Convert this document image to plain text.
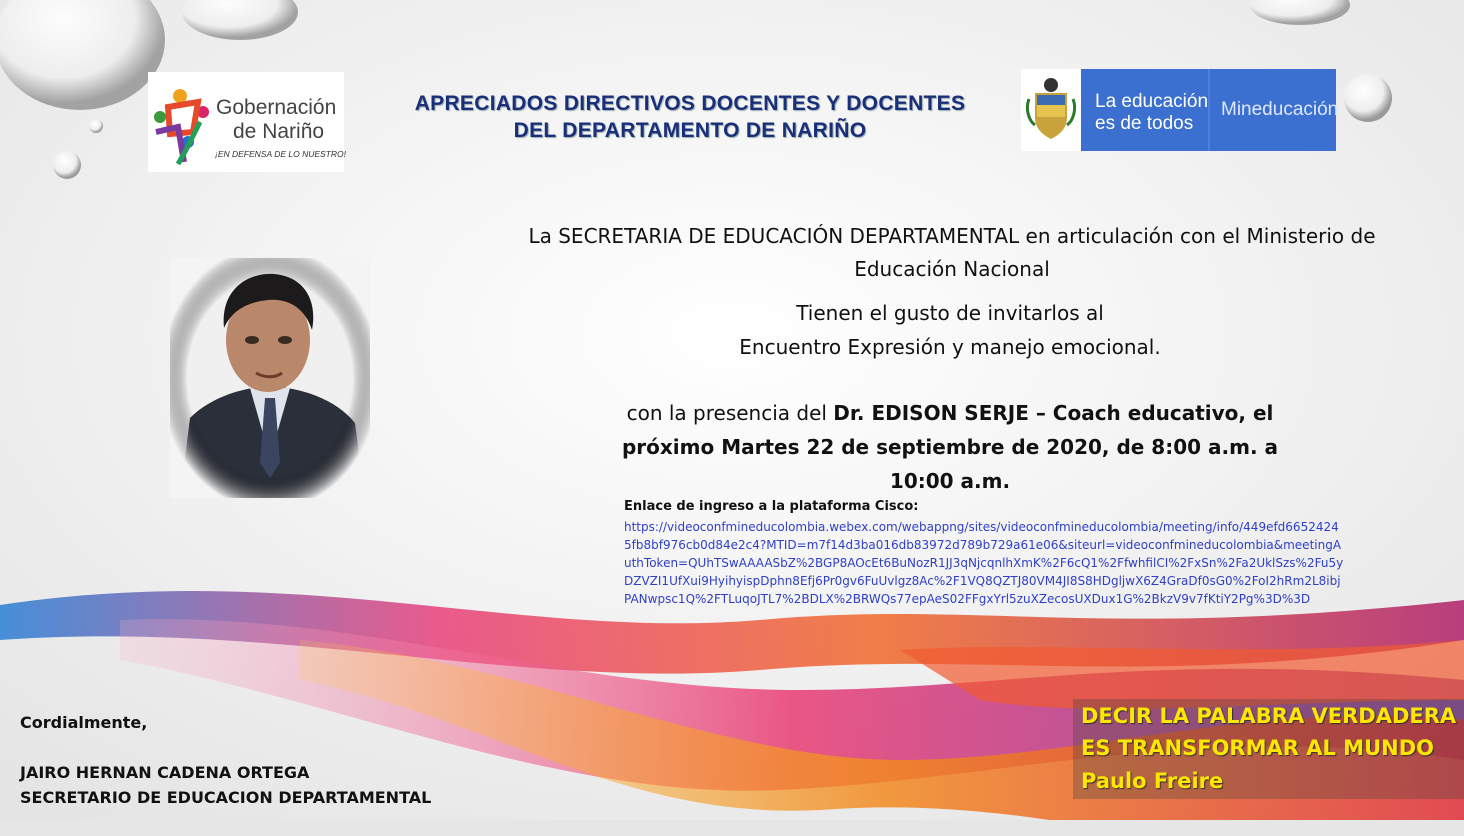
APRECIADOS DIRECTIVOS DOCENTES Y DOCENTES
DEL DEPARTAMENTO DE NARIÑO
Gobernación
de Nariño
¡EN DEFENSA DE LO NUESTRO!
La educación
es de todos
Mineducación
La SECRETARIA DE EDUCACIÓN DEPARTAMENTAL en articulación con el Ministerio de Educación Nacional
Tienen el gusto de invitarlos al
Encuentro Expresión y manejo emocional.
con la presencia del Dr. EDISON SERJE – Coach educativo, el próximo Martes 22 de septiembre de 2020, de 8:00 a.m. a 10:00 a.m.
Enlace de ingreso a la plataforma Cisco:
https://videoconfmineducolombia.webex.com/webappng/sites/videoconfmineducolombia/meeting/info/449efd66524245fb8bf976cb0d84e2c4?MTID=m7f14d3ba016db83972d789b729a61e06&siteurl=videoconfmineducolombia&meetingAuthToken=QUhTSwAAAASbZ%2BGP8AOcEt6BuNozR1JJ3qNjcqnlhXmK%2F6cQ1%2FfwhfilCI%2FxSn%2Fa2UklSzs%2Fu5yDZVZI1UfXui9HyihyispDphn8Efj6Pr0gv6FuUvlgz8Ac%2F1VQ8QZTJ80VM4JI8S8HDgljwX6Z4GraDf0sG0%2FoI2hRm2L8ibjPANwpsc1Q%2FTLuqoJTL7%2BDLX%2BRWQs77epAeS02FFgxYrl5zuXZecosUXDux1G%2BkzV9v7fKtiY2Pg%3D%3D
Cordialmente,
JAIRO HERNAN CADENA ORTEGA
SECRETARIO DE EDUCACION DEPARTAMENTAL
DECIR LA PALABRA VERDADERA
ES TRANSFORMAR AL MUNDO
Paulo Freire
